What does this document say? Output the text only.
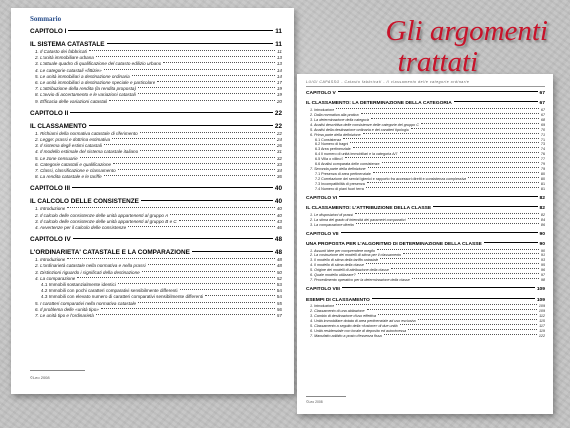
Sommario
CAPITOLO I	11
IL SISTEMA CATASTALE	11
1. Il Catasto dei fabbricati	11
2. L'unità immobiliare urbana	13
3. L'attuale quadro di qualificazione del catasto edilizio urbano	13
4. Le categorie catastali «fittizie»	14
5. Le unità immobiliari a destinazione ordinaria	14
6. Le unità immobiliari a destinazione speciale e particolare	17
7. L'attribuzione della rendita (la rendita proposta)	19
8. L'avvio di accertamento e le variazioni catastali	19
9. Efficacia delle variazioni catastali	20
CAPITOLO II	22
IL CLASSAMENTO	22
1. Richiami della normativa catastale di riferimento	22
2. Legge: prassi e dottrina estimativa	24
3. Il sistema degli estimi catastali	26
4. Il modello estimale del sistema catastale italiano	31
5. Le zone censuarie	32
6. Categorie catastali e qualificazione	33
7. Classi, classificazione e classamento	34
8. La rendita catastale e le tariffe	36
CAPITOLO III	40
IL CALCOLO DELLE CONSISTENZE	40
1. Introduzione	40
2. Il calcolo delle consistenze delle unità appartenenti al gruppo A	40
3. Il calcolo delle consistenze delle unità appartenenti al gruppo B e C	43
4. Avvertenze per il calcolo delle consistenze	46
CAPITOLO IV	48
L'ORDINARIETA' CATASTALE E LA COMPARAZIONE	48
1. Introduzione	48
2. L'ordinarietà catastale nella normativa e nella prassi	48
3. Distinzioni riguardo i significati della destinazione	50
4. La comparazione	52
4.1 Immobili sostanzialmente identici	53
4.2 Immobili con pochi caratteri comparativi sensibilmente differenti	54
4.3 Immobili con elevato numero di caratteri comparativi sensibilmente differenti	54
5. I caratteri comparativi nella normativa catastale	55
6. Il problema delle «unità tipo»	56
7. Le unità tipo e l'ordinarietà	57
©Leo 2008
LUIGI CAPASSO - Catasto fabbricati - Il classamento delle categorie ordinarie
CAPITOLO V	67
IL CLASSAMENTO: LA DETERMINAZIONE DELLA CATEGORIA	67
1. Introduzione	67
2. Dalla normativa alla pratica	67
3. La determinazione della categoria	68
4. Analisi descrittiva delle consistenze delle categorie del gruppo C	69
5. Analisi della destinazione ordinaria e dei caratteri tipologici	70
6. Prima parte della definizione	71
6.1 Consistenza	71
6.2 Numero di bagni	73
6.3 Area pertinenziale	74
6.4 Il numero di unità immobiliari e la categoria A/7	76
6.5 Villa o villino?	77
6.6 Analisi comparata delle consistenze	79
7. Seconda parte della definizione	79
7.1 Presenza di area pertinenziale	80
7.2 Correlazione dei servizi igienici e rapporto fra accessori diretti e consistenza complessiva	80
7.3 Incompatibilità di presenza	81
7.4 Numero di piani fuori terra	81
CAPITOLO VI	82
IL CLASSAMENTO: L'ATTRIBUZIONE DELLA CLASSE	82
1. Le disposizioni di prassi	82
2. La stima del grado di intensità dei parametri comparativi	84
3. La comparazione diretta	86
CAPITOLO VII	90
UNA PROPOSTA PER L'ALGORITMO DI DETERMINAZIONE DELLA CLASSE	90
1. Assunti idee per comprendere meglio	90
2. La costruzione dei modelli di stima per il classamento	91
3. Il modello di stima della tariffa catastale	93
4. Il modello di stima della classe	95
5. Origine dei modelli di attribuzione della classe	96
6. Quale modello utilizzare?	97
7. Procedimento operativo per la determinazione della classe	98
CAPITOLO VIII	109
ESEMPI DI CLASSAMENTO	109
1. Introduzione	109
2. Classamento di una abitazione	109
3. Cambio di destinazione d'uso effettiva	112
4. Unità immobiliare dotata di area pertinenziale ad uso esclusivo	115
5. Classamento a seguito della «fusione» di due unità	117
6. Unità residenziale con locale di deposito ed autorimessa	119
7. Manufatto adibito a posto d'essenza fissa	122
©Leo 2008
Gli argomenti
trattati
